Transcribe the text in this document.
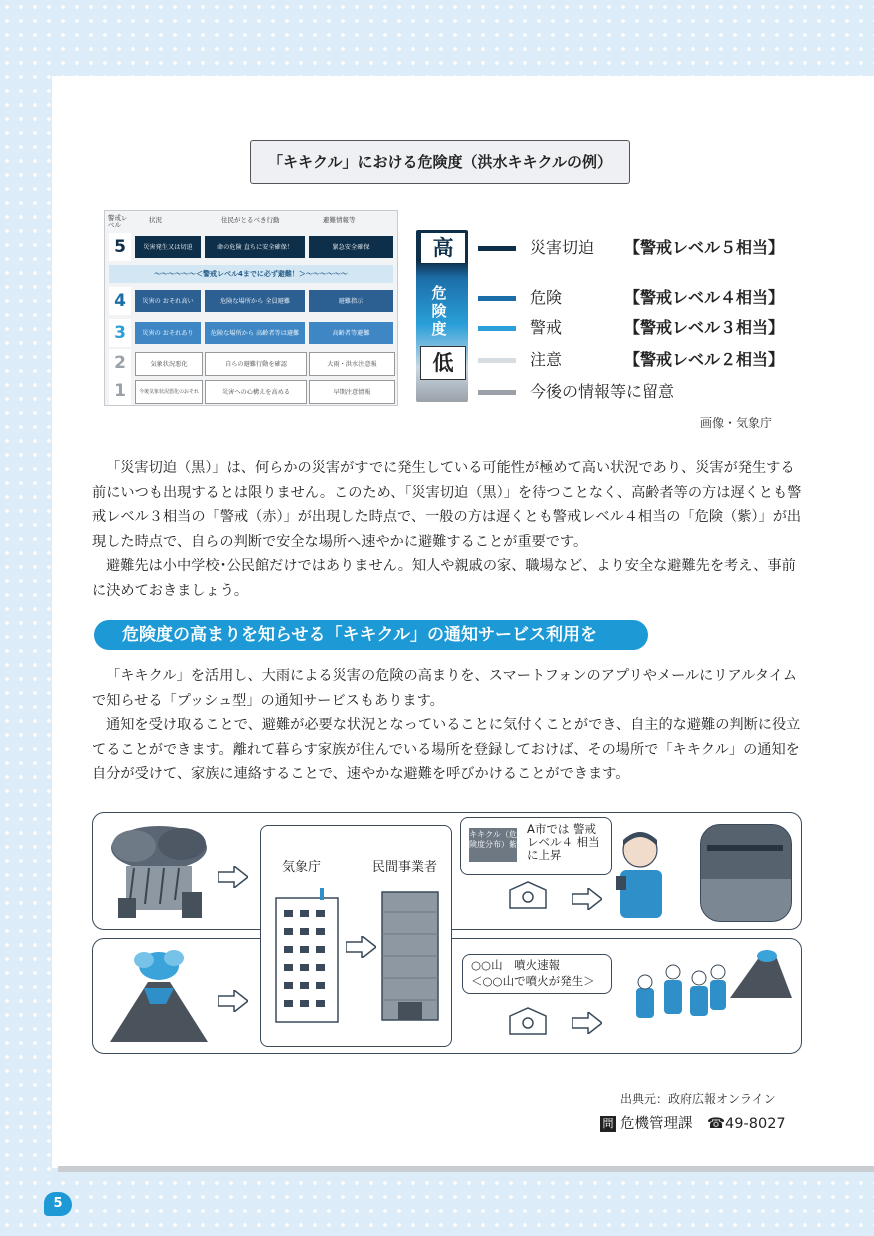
5
「キキクル」における危険度（洪水キキクルの例）
警戒レベル
状況	住民がとるべき行動	避難情報等
5	災害発生又は切迫	命の危険 直ちに安全確保！	緊急安全確保
〜〜〜〜〜〜＜警戒レベル4までに必ず避難！＞〜〜〜〜〜〜
4	災害の おそれ高い	危険な場所から 全員避難	避難指示
3	災害の おそれあり	危険な場所から 高齢者等は避難	高齢者等避難
2	気象状況悪化	自らの避難行動を確認	大雨・洪水注意報
1	今後気象状況悪化のおそれ	災害への心構えを高める	早期注意情報
高
危険度
低
災害切迫 【警戒レベル５相当】
危険	【警戒レベル４相当】
警戒	【警戒レベル３相当】
注意	【警戒レベル２相当】
今後の情報等に留意
画像・気象庁

「災害切迫（黒）」は、何らかの災害がすでに発生している可能性が極めて高い状況であり、災害が発生する前にいつも出現するとは限りません。このため、「災害切迫（黒）」を待つことなく、高齢者等の方は遅くとも警戒レベル３相当の「警戒（赤）」が出現した時点で、一般の方は遅くとも警戒レベル４相当の「危険（紫）」が出現した時点で、自らの判断で安全な場所へ速やかに避難することが重要です。

避難先は小中学校･公民館だけではありません。知人や親戚の家、職場など、より安全な避難先を考え、事前に決めておきましょう。

危険度の高まりを知らせる「キキクル」の通知サービス利用を

「キキクル」を活用し、大雨による災害の危険の高まりを、スマートフォンのアプリやメールにリアルタイムで知らせる「プッシュ型」の通知サービスもあります。

通知を受け取ることで、避難が必要な状況となっていることに気付くことができ、自主的な避難の判断に役立てることができます。離れて暮らす家族が住んでいる場所を登録しておけば、その場所で「キキクル」の通知を自分が受けて、家族に連絡することで、速やかな避難を呼びかけることができます。

気象庁	民間事業者
キキクル（危険度分布）紫
A市では 警戒レベル４ 相当に上昇
○○山　噴火速報
＜○○山で噴火が発生＞
出典元：政府広報オンライン
問 危機管理課　 ☎49-8027
